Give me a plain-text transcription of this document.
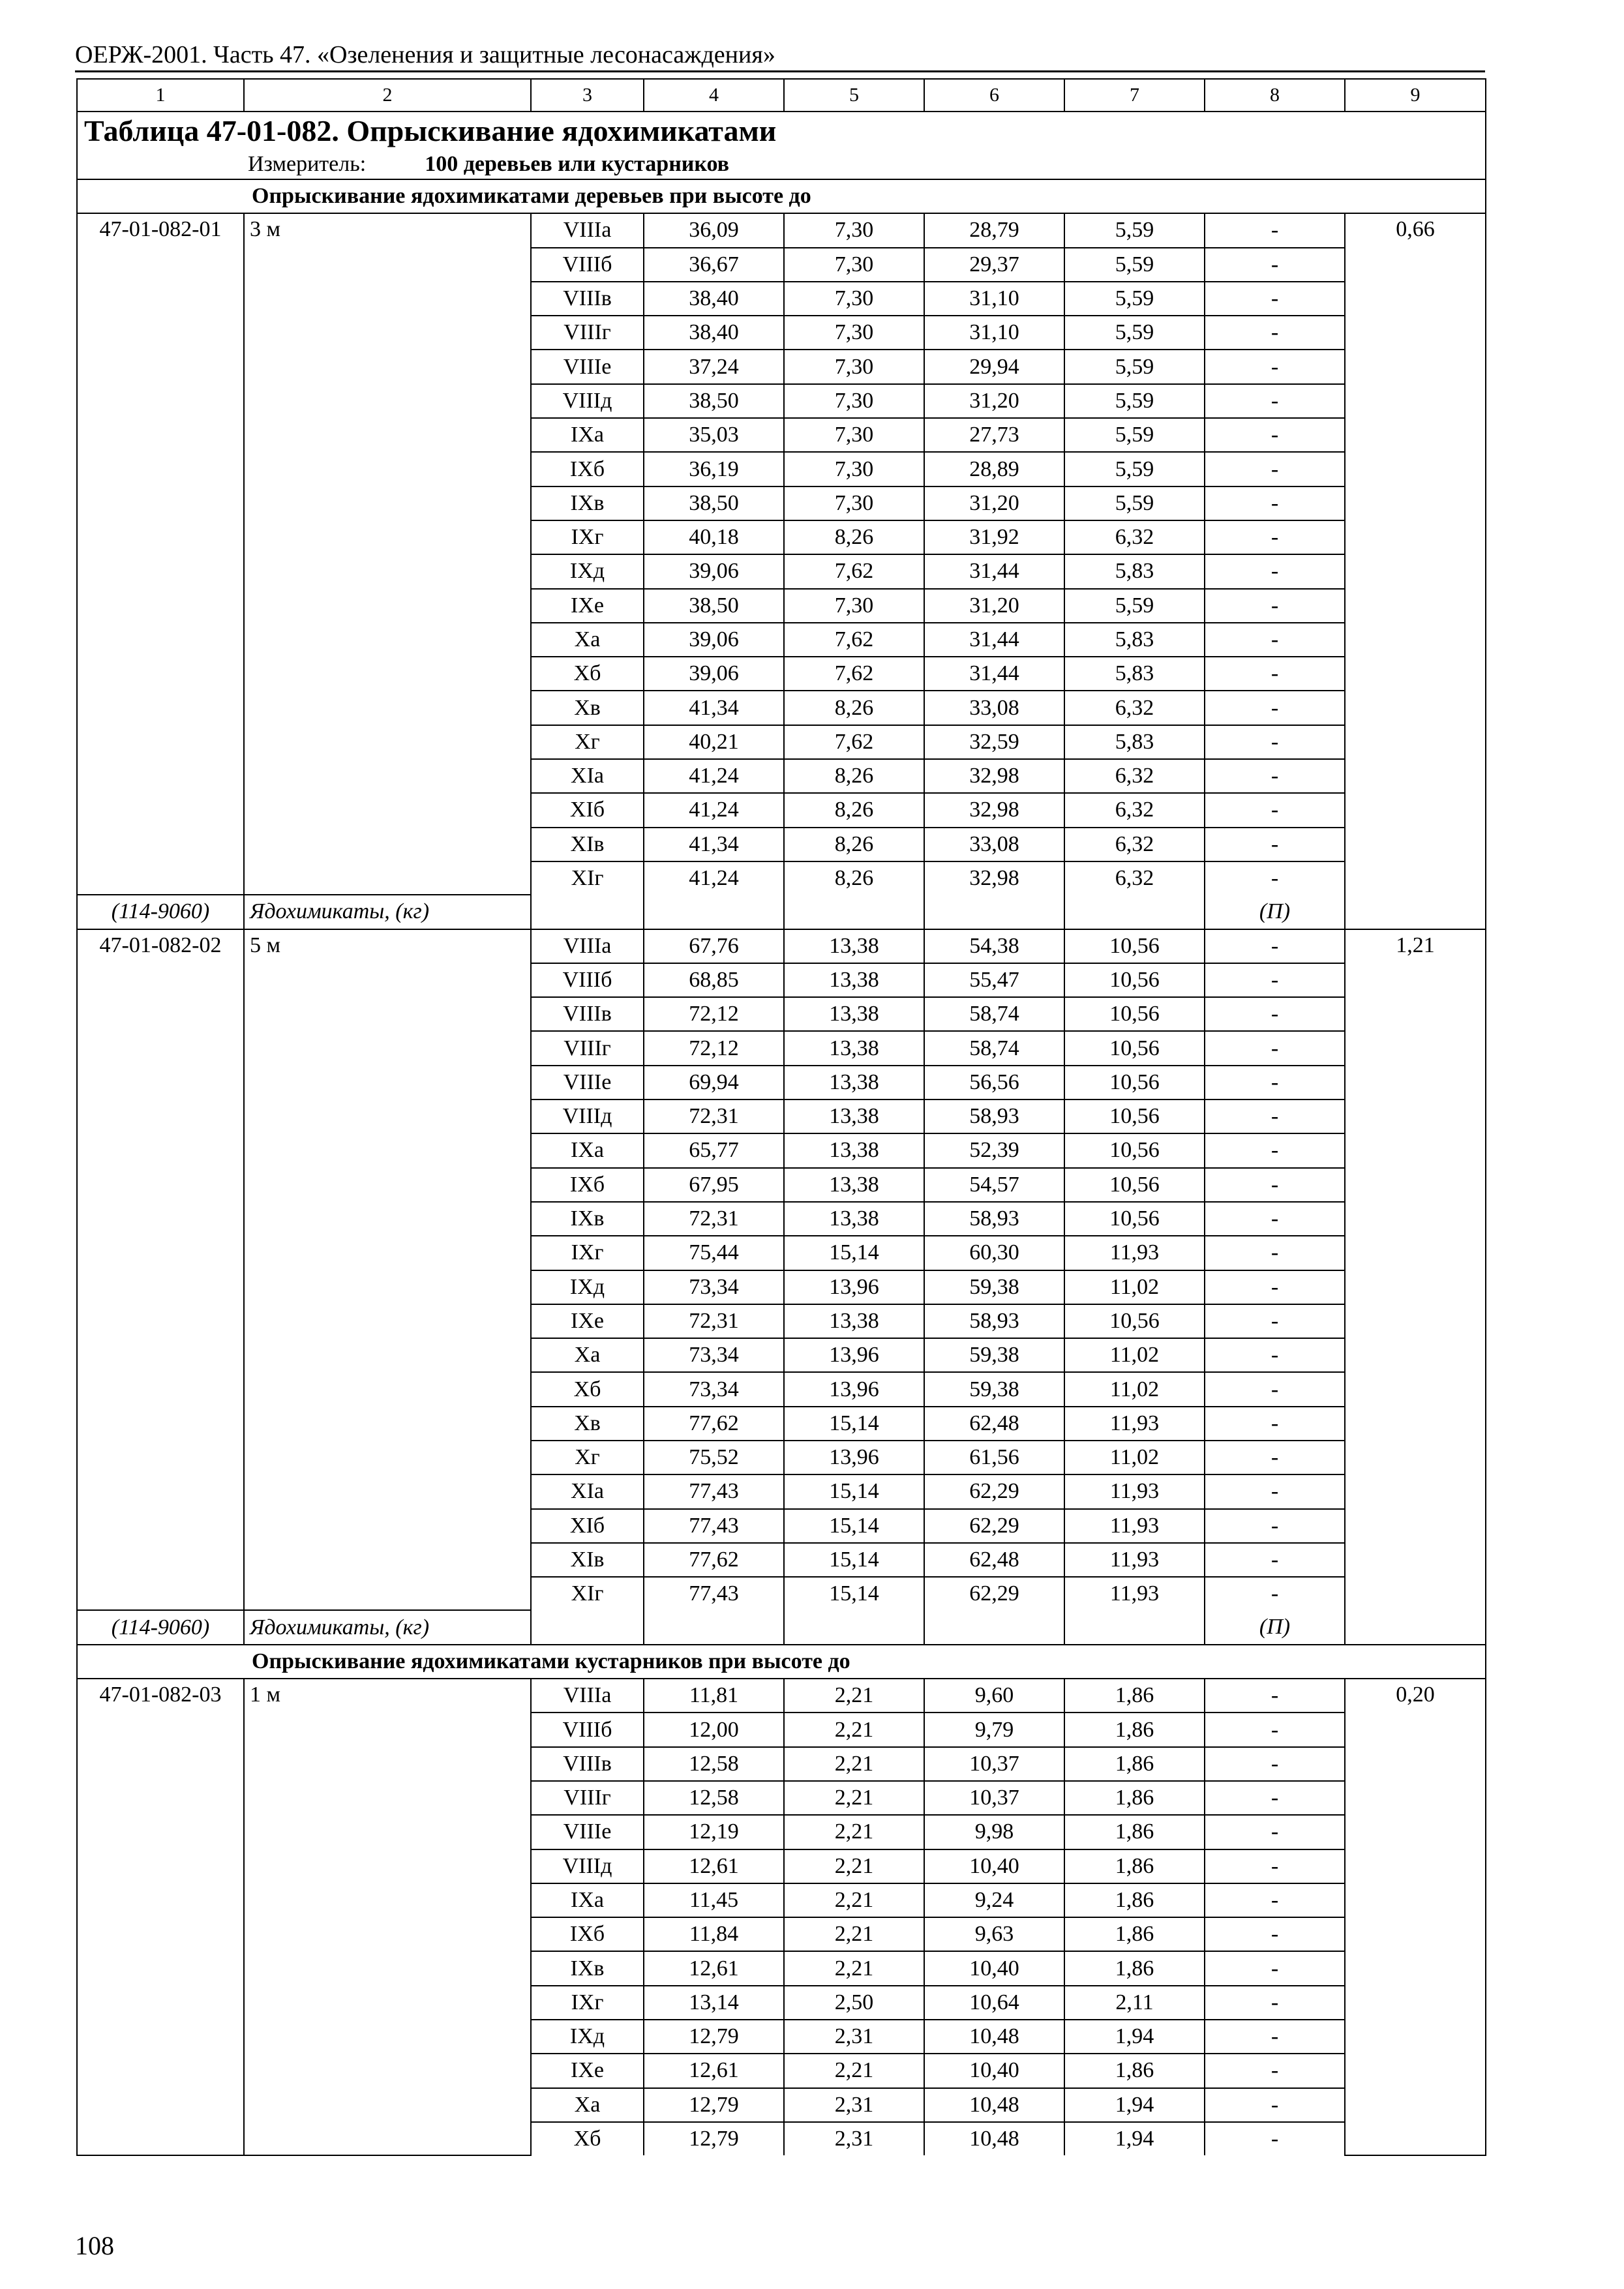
ОЕРЖ-2001. Часть 47. «Озеленения и защитные лесонасаждения»
1	2	3	4	5	6	7	8	9
Таблица 47-01-082. Опрыскивание ядохимикатами								
Измеритель: 100 деревьев или кустарников								
	Опрыскивание ядохимикатами деревьев при высоте до							
47-01-082-01	3 м	VIIIа	36,09	7,30	28,79	5,59	-	0,66
		VIIIб	36,67	7,30	29,37	5,59	-	
		VIIIв	38,40	7,30	31,10	5,59	-	
		VIIIг	38,40	7,30	31,10	5,59	-	
		VIIIе	37,24	7,30	29,94	5,59	-	
		VIIIд	38,50	7,30	31,20	5,59	-	
		IXа	35,03	7,30	27,73	5,59	-	
		IXб	36,19	7,30	28,89	5,59	-	
		IXв	38,50	7,30	31,20	5,59	-	
		IXг	40,18	8,26	31,92	6,32	-	
		IXд	39,06	7,62	31,44	5,83	-	
		IXе	38,50	7,30	31,20	5,59	-	
		Xа	39,06	7,62	31,44	5,83	-	
		Xб	39,06	7,62	31,44	5,83	-	
		Xв	41,34	8,26	33,08	6,32	-	
		Xг	40,21	7,62	32,59	5,83	-	
		XIа	41,24	8,26	32,98	6,32	-	
		XIб	41,24	8,26	32,98	6,32	-	
		XIв	41,34	8,26	33,08	6,32	-	
		XIг	41,24	8,26	32,98	6,32	-	
(114-9060)	Ядохимикаты, (кг)						(П)	
47-01-082-02	5 м	VIIIа	67,76	13,38	54,38	10,56	-	1,21
		VIIIб	68,85	13,38	55,47	10,56	-	
		VIIIв	72,12	13,38	58,74	10,56	-	
		VIIIг	72,12	13,38	58,74	10,56	-	
		VIIIе	69,94	13,38	56,56	10,56	-	
		VIIIд	72,31	13,38	58,93	10,56	-	
		IXа	65,77	13,38	52,39	10,56	-	
		IXб	67,95	13,38	54,57	10,56	-	
		IXв	72,31	13,38	58,93	10,56	-	
		IXг	75,44	15,14	60,30	11,93	-	
		IXд	73,34	13,96	59,38	11,02	-	
		IXе	72,31	13,38	58,93	10,56	-	
		Xа	73,34	13,96	59,38	11,02	-	
		Xб	73,34	13,96	59,38	11,02	-	
		Xв	77,62	15,14	62,48	11,93	-	
		Xг	75,52	13,96	61,56	11,02	-	
		XIа	77,43	15,14	62,29	11,93	-	
		XIб	77,43	15,14	62,29	11,93	-	
		XIв	77,62	15,14	62,48	11,93	-	
		XIг	77,43	15,14	62,29	11,93	-	
(114-9060)	Ядохимикаты, (кг)						(П)	
	Опрыскивание ядохимикатами кустарников при высоте до							
47-01-082-03	1 м	VIIIа	11,81	2,21	9,60	1,86	-	0,20
		VIIIб	12,00	2,21	9,79	1,86	-	
		VIIIв	12,58	2,21	10,37	1,86	-	
		VIIIг	12,58	2,21	10,37	1,86	-	
		VIIIе	12,19	2,21	9,98	1,86	-	
		VIIIд	12,61	2,21	10,40	1,86	-	
		IXа	11,45	2,21	9,24	1,86	-	
		IXб	11,84	2,21	9,63	1,86	-	
		IXв	12,61	2,21	10,40	1,86	-	
		IXг	13,14	2,50	10,64	2,11	-	
		IXд	12,79	2,31	10,48	1,94	-	
		IXе	12,61	2,21	10,40	1,86	-	
		Xа	12,79	2,31	10,48	1,94	-	
		Xб	12,79	2,31	10,48	1,94	-	
108
